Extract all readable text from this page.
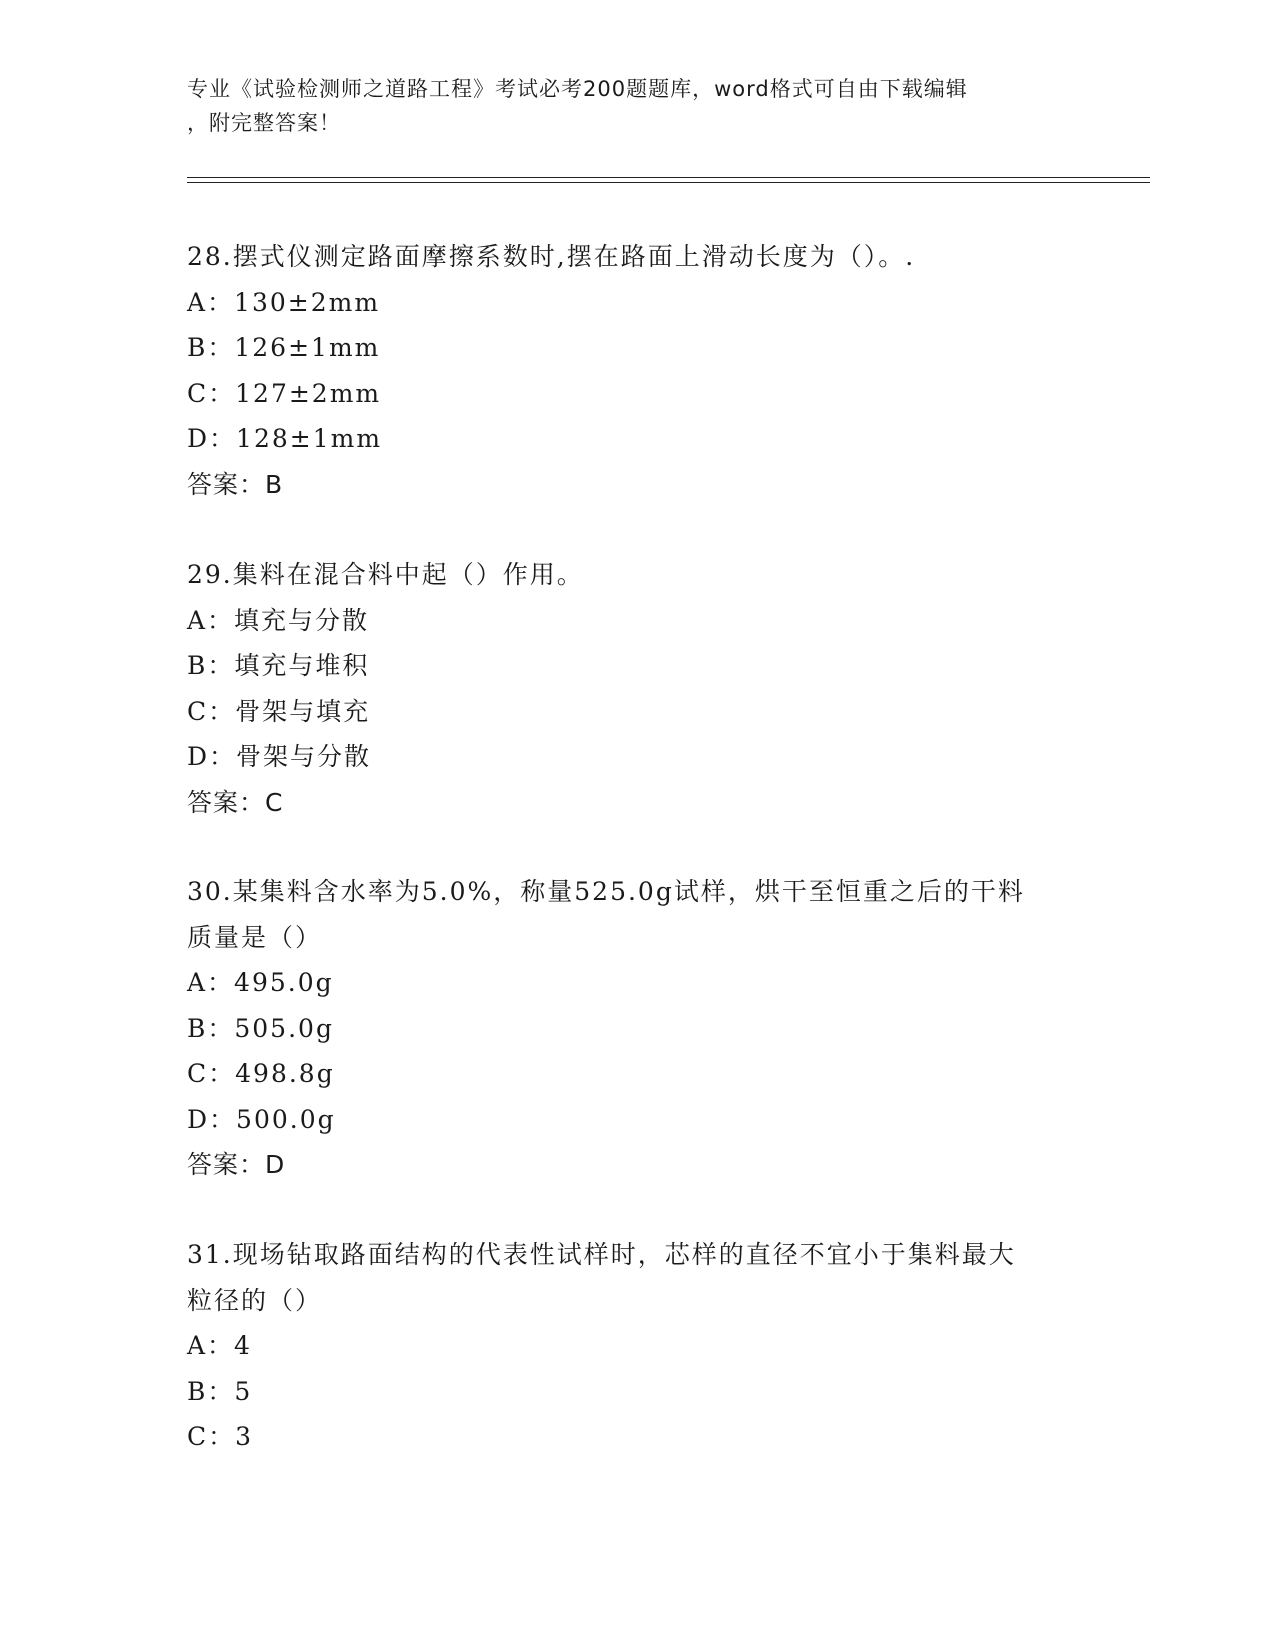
专业《试验检测师之道路工程》考试必考200题题库，word格式可自由下载编辑
，附完整答案！
28.摆式仪测定路面摩擦系数时,摆在路面上滑动长度为（）。.
A：130±2mm
B：126±1mm
C：127±2mm
D：128±1mm
答案：B
29.集料在混合料中起（）作用。
A：填充与分散
B：填充与堆积
C：骨架与填充
D：骨架与分散
答案：C
30.某集料含水率为5.0%，称量525.0g试样，烘干至恒重之后的干料
质量是（）
A：495.0g
B：505.0g
C：498.8g
D：500.0g
答案：D
31.现场钻取路面结构的代表性试样时，芯样的直径不宜小于集料最大
粒径的（）
A：4
B：5
C：3
